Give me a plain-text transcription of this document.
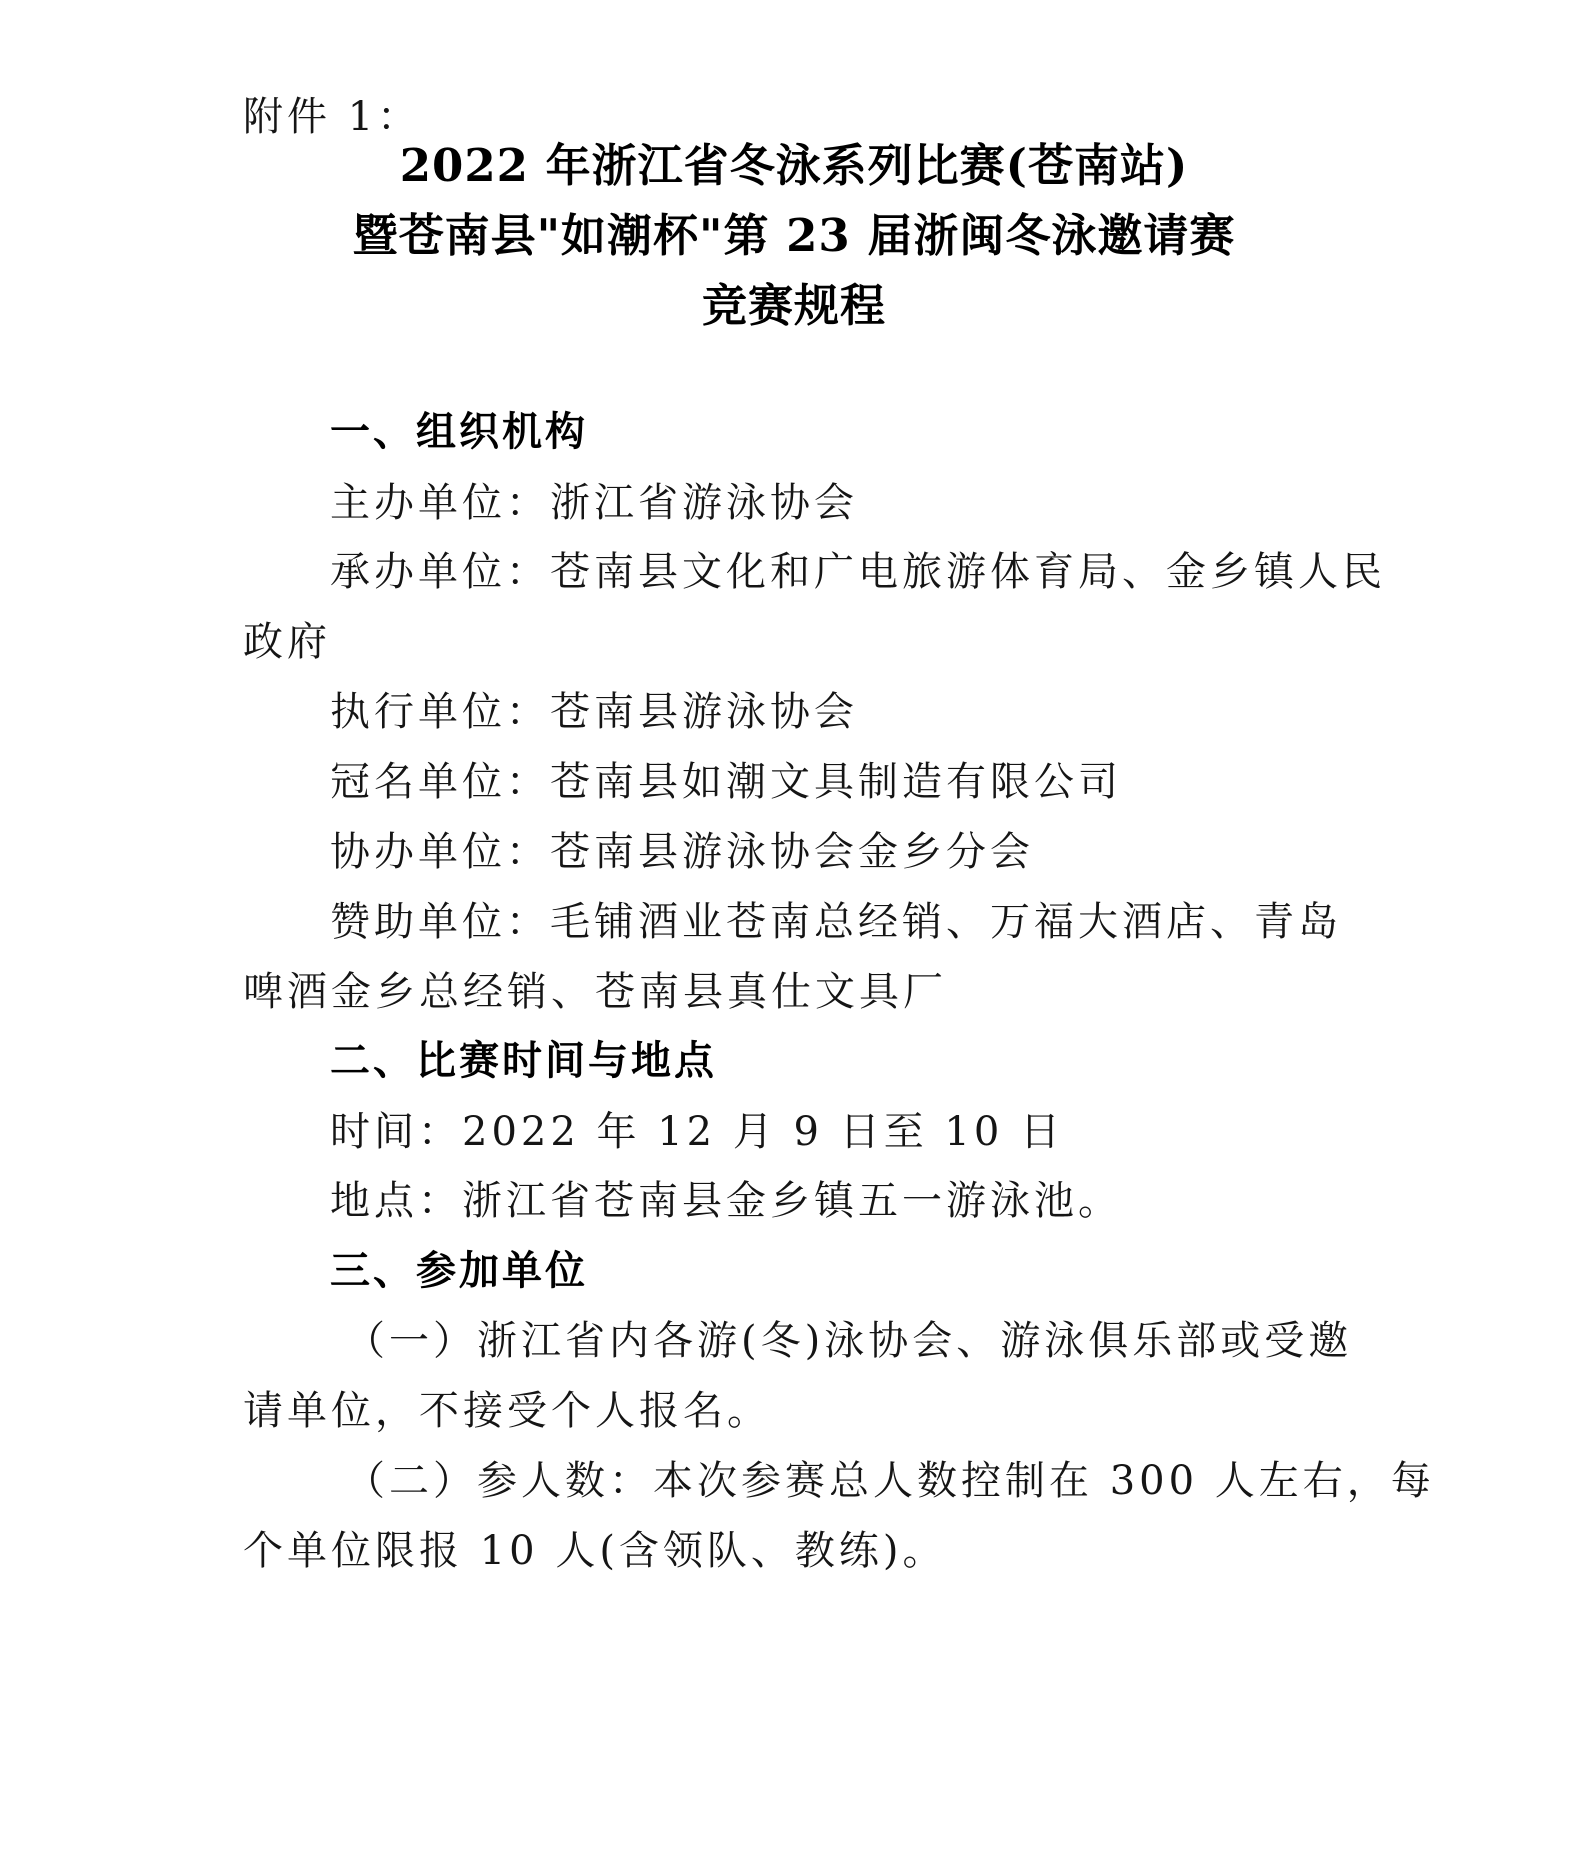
附件 1：
2022 年浙江省冬泳系列比赛(苍南站)
暨苍南县"如潮杯"第 23 届浙闽冬泳邀请赛
竞赛规程
一、组织机构
主办单位：浙江省游泳协会
承办单位：苍南县文化和广电旅游体育局、金乡镇人民
政府
执行单位：苍南县游泳协会
冠名单位：苍南县如潮文具制造有限公司
协办单位：苍南县游泳协会金乡分会
赞助单位：毛铺酒业苍南总经销、万福大酒店、青岛
啤酒金乡总经销、苍南县真仕文具厂
二、比赛时间与地点
时间：2022 年 12 月 9 日至 10 日
地点：浙江省苍南县金乡镇五一游泳池。
三、参加单位
（一）浙江省内各游(冬)泳协会、游泳俱乐部或受邀
请单位，不接受个人报名。
（二）参人数：本次参赛总人数控制在 300 人左右，每
个单位限报 10 人(含领队、教练)。
